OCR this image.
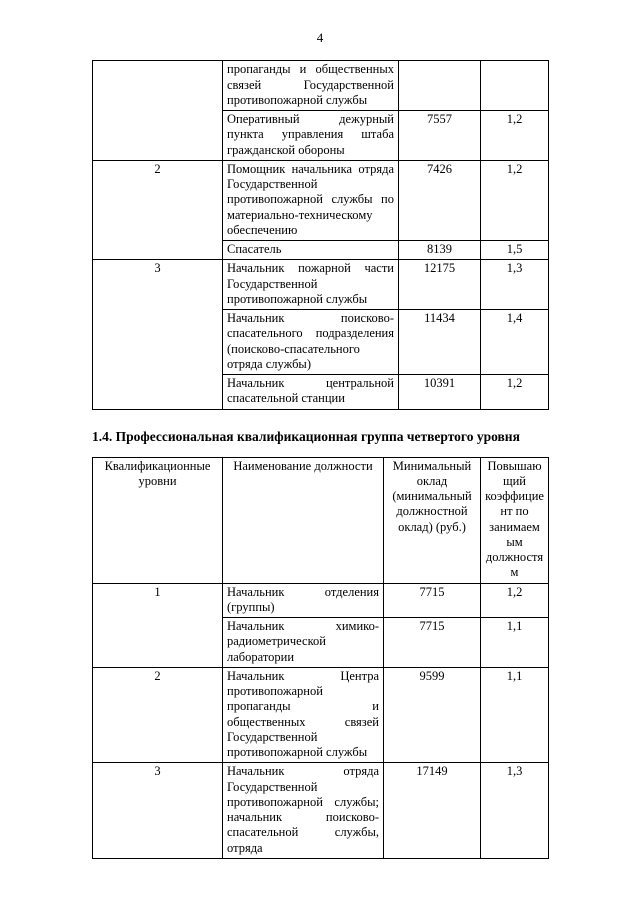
4
	пропаганды и общественных связей Государственной противопожарной службы		
	Оперативный дежурный пункта управления штаба гражданской обороны	7557	1,2
2	Помощник начальника отряда Государственной противопожарной службы по материально-техническому обеспечению	7426	1,2
	Спасатель	8139	1,5
3	Начальник пожарной части Государственной противопожарной службы	12175	1,3
	Начальник поисково-спасательного подразделения (поисково-спасательного отряда службы)	11434	1,4
	Начальник центральной спасательной станции	10391	1,2
1.4. Профессиональная квалификационная группа четвертого уровня
Квалификационные уровни	Наименование должности	Минимальный оклад (минимальный должностной оклад) (руб.)	Повышающий коэффициент по занимаемым должностям
1	Начальник отделения (группы)	7715	1,2
	Начальник химико-радиометрической лаборатории	7715	1,1
2	Начальник Центра противопожарной пропаганды и общественных связей Государственной противопожарной службы	9599	1,1
3	Начальник отряда Государственной противопожарной службы; начальник поисково-спасательной службы, отряда	17149	1,3
